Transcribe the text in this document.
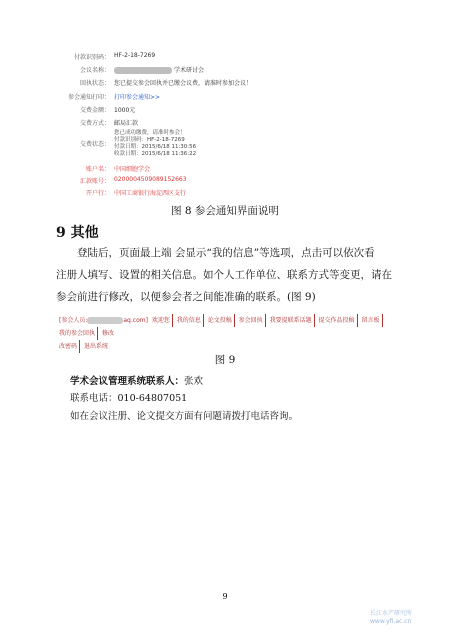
付款识别码： HF-2-18-7269
会议名称：	学术研讨会
回执状态： 您已提交参会回执并已缴会议费，请准时参加会议！
参会通知打印： 打印参会通知>>
交费金额： 1000元
交费方式： 邮局汇款
交费状态：
您已成功缴费，请准时参会！
付款识别码：HF-2-18-7269
付款日期：2015/6/18 11:30:56
收款日期：2015/6/18 11:36:22
账户名： 中国细胞学会
汇款账号： 0200004509089152663
开户行： 中国工商银行海淀西区支行
图 8 参会通知界面说明
9 其他
登陆后，页面最上端 会显示“我的信息”等选项，点击可以依次看
注册人填写、设置的相关信息。如个人工作单位、联系方式等变更，请在
参会前进行修改，以便参会者之间能准确的联系。(图 9)
[参会人员:	aq.com] 欢迎您 我的信息 论文投稿 参会回执 我要提联系话题 提交作品投稿 留言板 我的参会回执 修改
改密码 退出系统
图 9
学术会议管理系统联系人：张欢
联系电话：010-64807051
如在会议注册、论文提交方面有问题请拨打电话咨询。
9
长江水产研究所
www.yfi.ac.cn
